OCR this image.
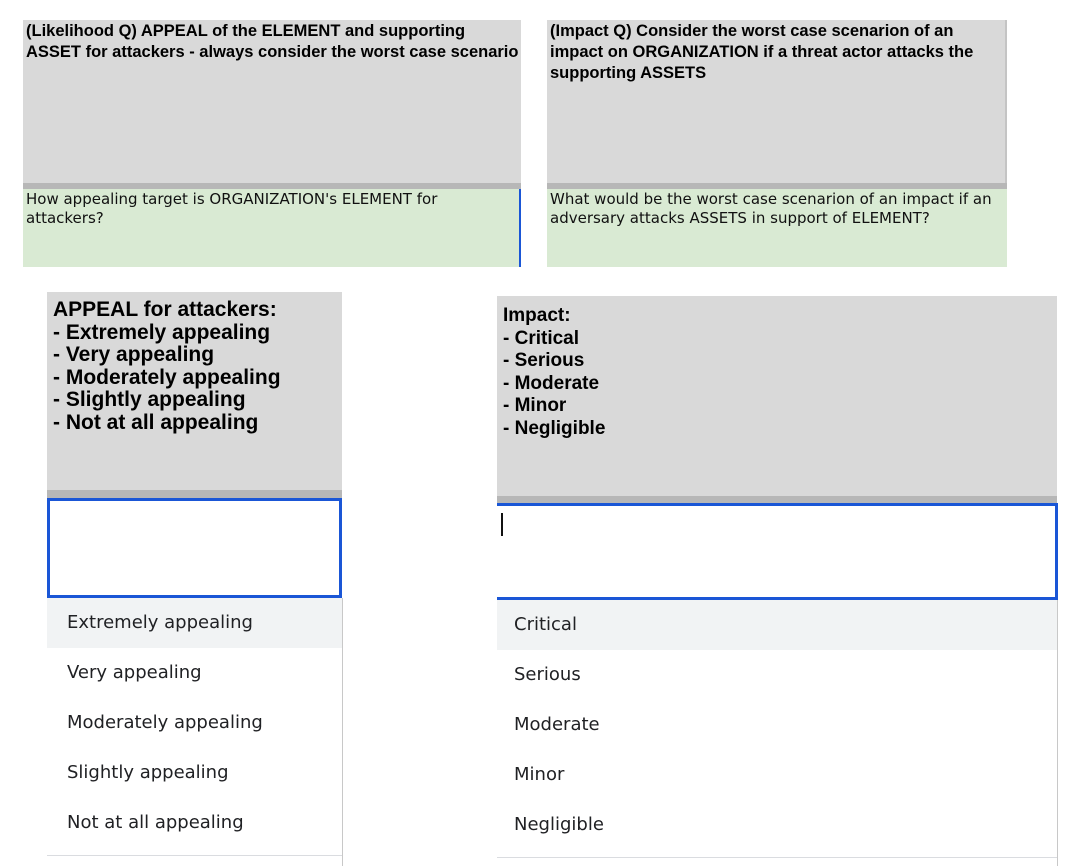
(Likelihood Q) APPEAL of the ELEMENT and supporting ASSET for attackers - always consider the worst case scenario
How appealing target is ORGANIZATION's ELEMENT for attackers?
(Impact Q) Consider the worst case scenarion of an impact on ORGANIZATION if a threat actor attacks the supporting ASSETS
What would be the worst case scenarion of an impact if an adversary attacks ASSETS in support of ELEMENT?
APPEAL for attackers:
- Extremely appealing
- Very appealing
- Moderately appealing
- Slightly appealing
- Not at all appealing
Extremely appealing
Very appealing
Moderately appealing
Slightly appealing
Not at all appealing
Impact:
- Critical
- Serious
- Moderate
- Minor
- Negligible
Critical
Serious
Moderate
Minor
Negligible
